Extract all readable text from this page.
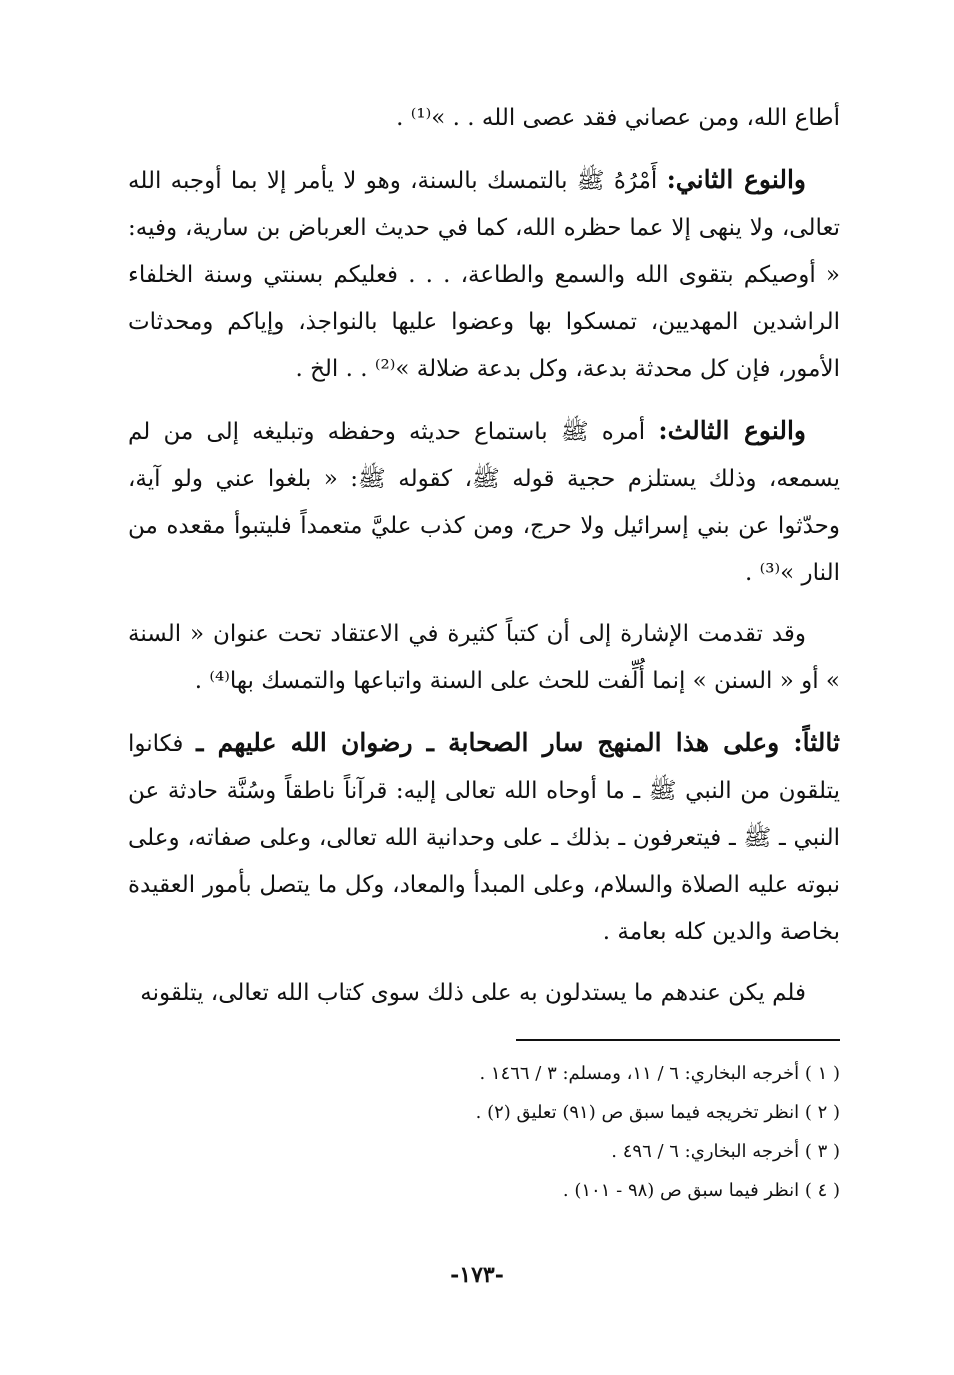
أطاع الله، ومن عصاني فقد عصى الله . . »⁽¹⁾ .

والنوع الثاني: أَمْرُهُ ﷺ بالتمسك بالسنة، وهو لا يأمر إلا بما أوجبه الله تعالى، ولا ينهى إلا عما حظره الله، كما في حديث العرباض بن سارية، وفيه: « أوصيكم بتقوى الله والسمع والطاعة، . . . فعليكم بسنتي وسنة الخلفاء الراشدين المهديين، تمسكوا بها وعضوا عليها بالنواجذ، وإياكم ومحدثات الأمور، فإن كل محدثة بدعة، وكل بدعة ضلالة »⁽²⁾ . . الخ .

والنوع الثالث: أمره ﷺ باستماع حديثه وحفظه وتبليغه إلى من لم يسمعه، وذلك يستلزم حجية قوله ﷺ، كقوله ﷺ: « بلغوا عني ولو آية، وحدّثوا عن بني إسرائيل ولا حرج، ومن كذب عليَّ متعمداً فليتبوأ مقعده من النار »⁽³⁾ .

وقد تقدمت الإشارة إلى أن كتباً كثيرة في الاعتقاد تحت عنوان « السنة » أو « السنن » إنما أُلِّفت للحث على السنة واتباعها والتمسك بها⁽⁴⁾ .

ثالثاً: وعلى هذا المنهج سار الصحابة ـ رضوان الله عليهم ـ فكانوا يتلقون من النبي ﷺ ـ ما أوحاه الله تعالى إليه: قرآناً ناطقاً وسُنَّة حادثة عن النبي ـ ﷺ ـ فيتعرفون ـ بذلك ـ على وحدانية الله تعالى، وعلى صفاته، وعلى نبوته عليه الصلاة والسلام، وعلى المبدأ والمعاد، وكل ما يتصل بأمور العقيدة بخاصة والدين كله بعامة .

فلم يكن عندهم ما يستدلون به على ذلك سوى كتاب الله تعالى، يتلقونه

( ١ ) أخرجه البخاري: ٦ / ١١، ومسلم: ٣ / ١٤٦٦ .

( ٢ ) انظر تخريجه فيما سبق ص (٩١) تعليق (٢) .

( ٣ ) أخرجه البخاري: ٦ / ٤٩٦ .

( ٤ ) انظر فيما سبق ص (٩٨ - ١٠١) .

-١٧٣-
